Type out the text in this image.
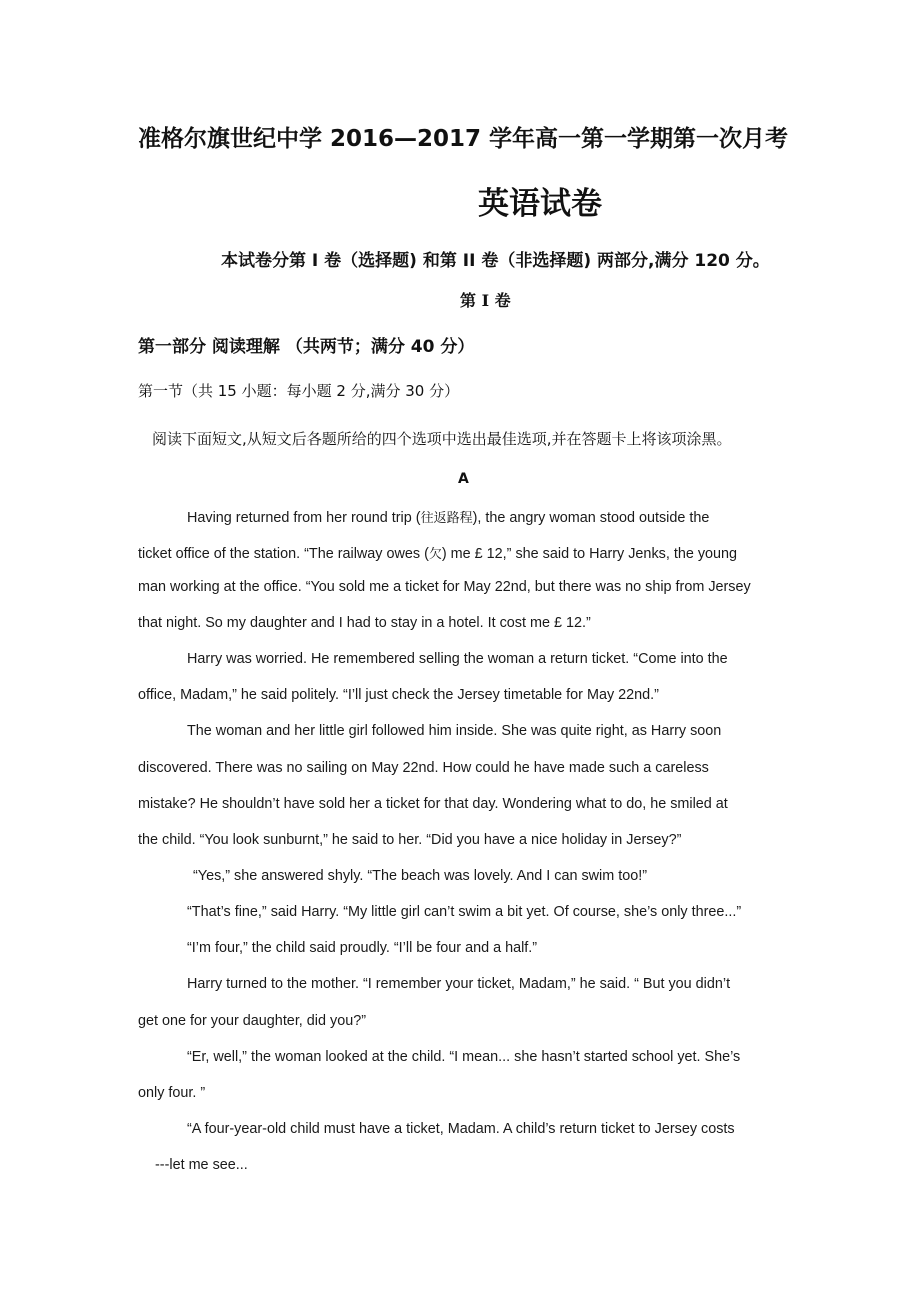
准格尔旗世纪中学 2016—2017 学年高一第一学期第一次月考
英语试卷
本试卷分第 I 卷（选择题) 和第 II 卷（非选择题) 两部分,满分 120 分。
第 I 卷
第一部分 阅读理解 （共两节；满分 40 分）
第一节（共 15 小题：每小题 2 分,满分 30 分）
阅读下面短文,从短文后各题所给的四个选项中选出最佳选项,并在答题卡上将该项涂黑。
A
Having returned from her round trip (往返路程), the angry woman stood outside the
ticket office of the station. “The railway owes (欠) me £ 12,” she said to Harry Jenks, the young
man working at the office. “You sold me a ticket for May 22nd, but there was no ship from Jersey
that night. So my daughter and I had to stay in a hotel. It cost me £ 12.”
Harry was worried. He remembered selling the woman a return ticket. “Come into the
office, Madam,” he said politely. “I’ll just check the Jersey timetable for May 22nd.”
The woman and her little girl followed him inside. She was quite right, as Harry soon
discovered. There was no sailing on May 22nd. How could he have made such a careless
mistake? He shouldn’t have sold her a ticket for that day. Wondering what to do, he smiled at
the child. “You look sunburnt,” he said to her. “Did you have a nice holiday in Jersey?”
“Yes,” she answered shyly. “The beach was lovely. And I can swim too!”
“That’s fine,” said Harry. “My little girl can’t swim a bit yet. Of course, she’s only three...”
“I’m four,” the child said proudly. “I’ll be four and a half.”
Harry turned to the mother. “I remember your ticket, Madam,” he said. “ But you didn’t
get one for your daughter, did you?”
“Er, well,” the woman looked at the child. “I mean... she hasn’t started school yet. She’s
only four. ”
“A four-year-old child must have a ticket, Madam. A child’s return ticket to Jersey costs
---let me see...
